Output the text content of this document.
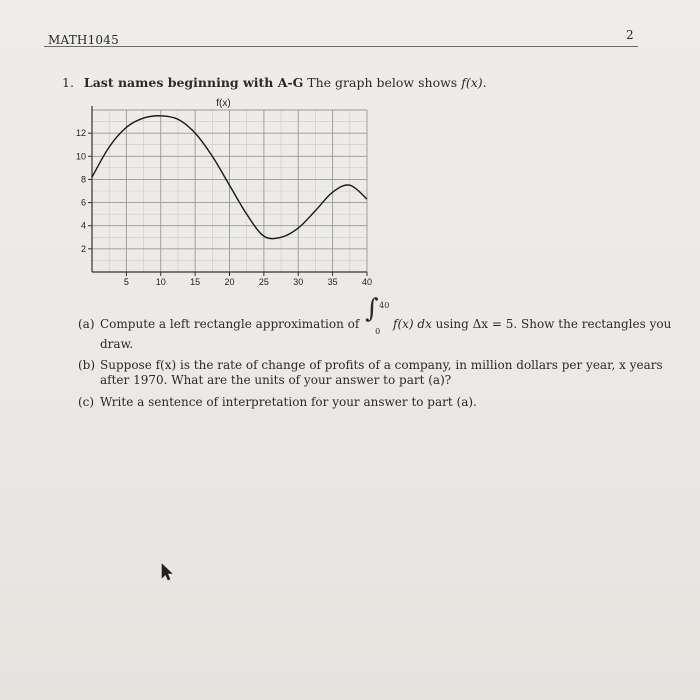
MATH1045	2
1. Last names beginning with A-G The graph below shows f(x).
5	10	15	20	25	30	35	40
2
4
6
8
10
12
f(x)
(a) Compute a left rectangle approximation of ∫ 40
0
f(x) dx using Δx = 5. Show the rectangles you
draw.
(b) Suppose f(x) is the rate of change of profits of a company, in million dollars per year, x years
after 1970. What are the units of your answer to part (a)?
(c) Write a sentence of interpretation for your answer to part (a).
